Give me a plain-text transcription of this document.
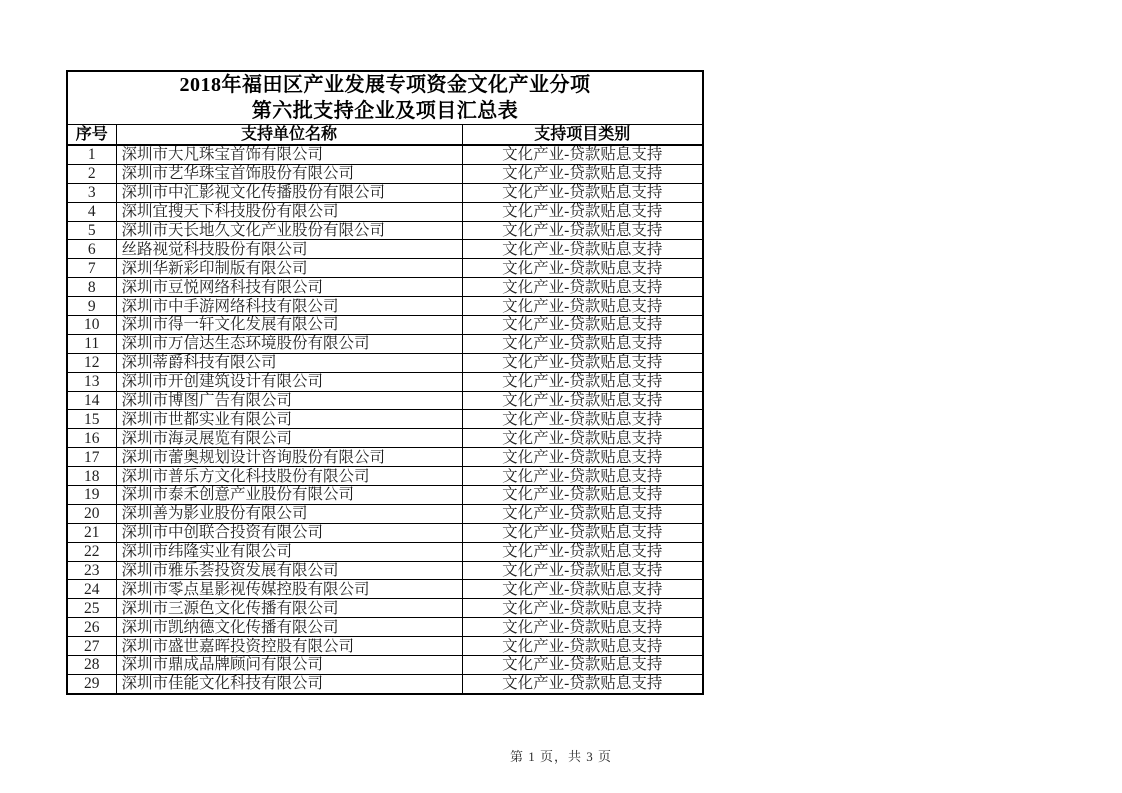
2018年福田区产业发展专项资金文化产业分项
第六批支持企业及项目汇总表		

序号	支持单位名称	支持项目类别
1	深圳市大凡珠宝首饰有限公司	文化产业-贷款贴息支持
2	深圳市艺华珠宝首饰股份有限公司	文化产业-贷款贴息支持
3	深圳市中汇影视文化传播股份有限公司	文化产业-贷款贴息支持
4	深圳宜搜天下科技股份有限公司	文化产业-贷款贴息支持
5	深圳市天长地久文化产业股份有限公司	文化产业-贷款贴息支持
6	丝路视觉科技股份有限公司	文化产业-贷款贴息支持
7	深圳华新彩印制版有限公司	文化产业-贷款贴息支持
8	深圳市豆悦网络科技有限公司	文化产业-贷款贴息支持
9	深圳市中手游网络科技有限公司	文化产业-贷款贴息支持
10	深圳市得一轩文化发展有限公司	文化产业-贷款贴息支持
11	深圳市万信达生态环境股份有限公司	文化产业-贷款贴息支持
12	深圳蒂爵科技有限公司	文化产业-贷款贴息支持
13	深圳市开创建筑设计有限公司	文化产业-贷款贴息支持
14	深圳市博图广告有限公司	文化产业-贷款贴息支持
15	深圳市世都实业有限公司	文化产业-贷款贴息支持
16	深圳市海灵展览有限公司	文化产业-贷款贴息支持
17	深圳市蕾奥规划设计咨询股份有限公司	文化产业-贷款贴息支持
18	深圳市普乐方文化科技股份有限公司	文化产业-贷款贴息支持
19	深圳市泰禾创意产业股份有限公司	文化产业-贷款贴息支持
20	深圳善为影业股份有限公司	文化产业-贷款贴息支持
21	深圳市中创联合投资有限公司	文化产业-贷款贴息支持
22	深圳市纬隆实业有限公司	文化产业-贷款贴息支持
23	深圳市雅乐荟投资发展有限公司	文化产业-贷款贴息支持
24	深圳市零点星影视传媒控股有限公司	文化产业-贷款贴息支持
25	深圳市三源色文化传播有限公司	文化产业-贷款贴息支持
26	深圳市凯纳德文化传播有限公司	文化产业-贷款贴息支持
27	深圳市盛世嘉晖投资控股有限公司	文化产业-贷款贴息支持
28	深圳市鼎成品牌顾问有限公司	文化产业-贷款贴息支持
29	深圳市佳能文化科技有限公司	文化产业-贷款贴息支持
第 1 页，共 3 页
